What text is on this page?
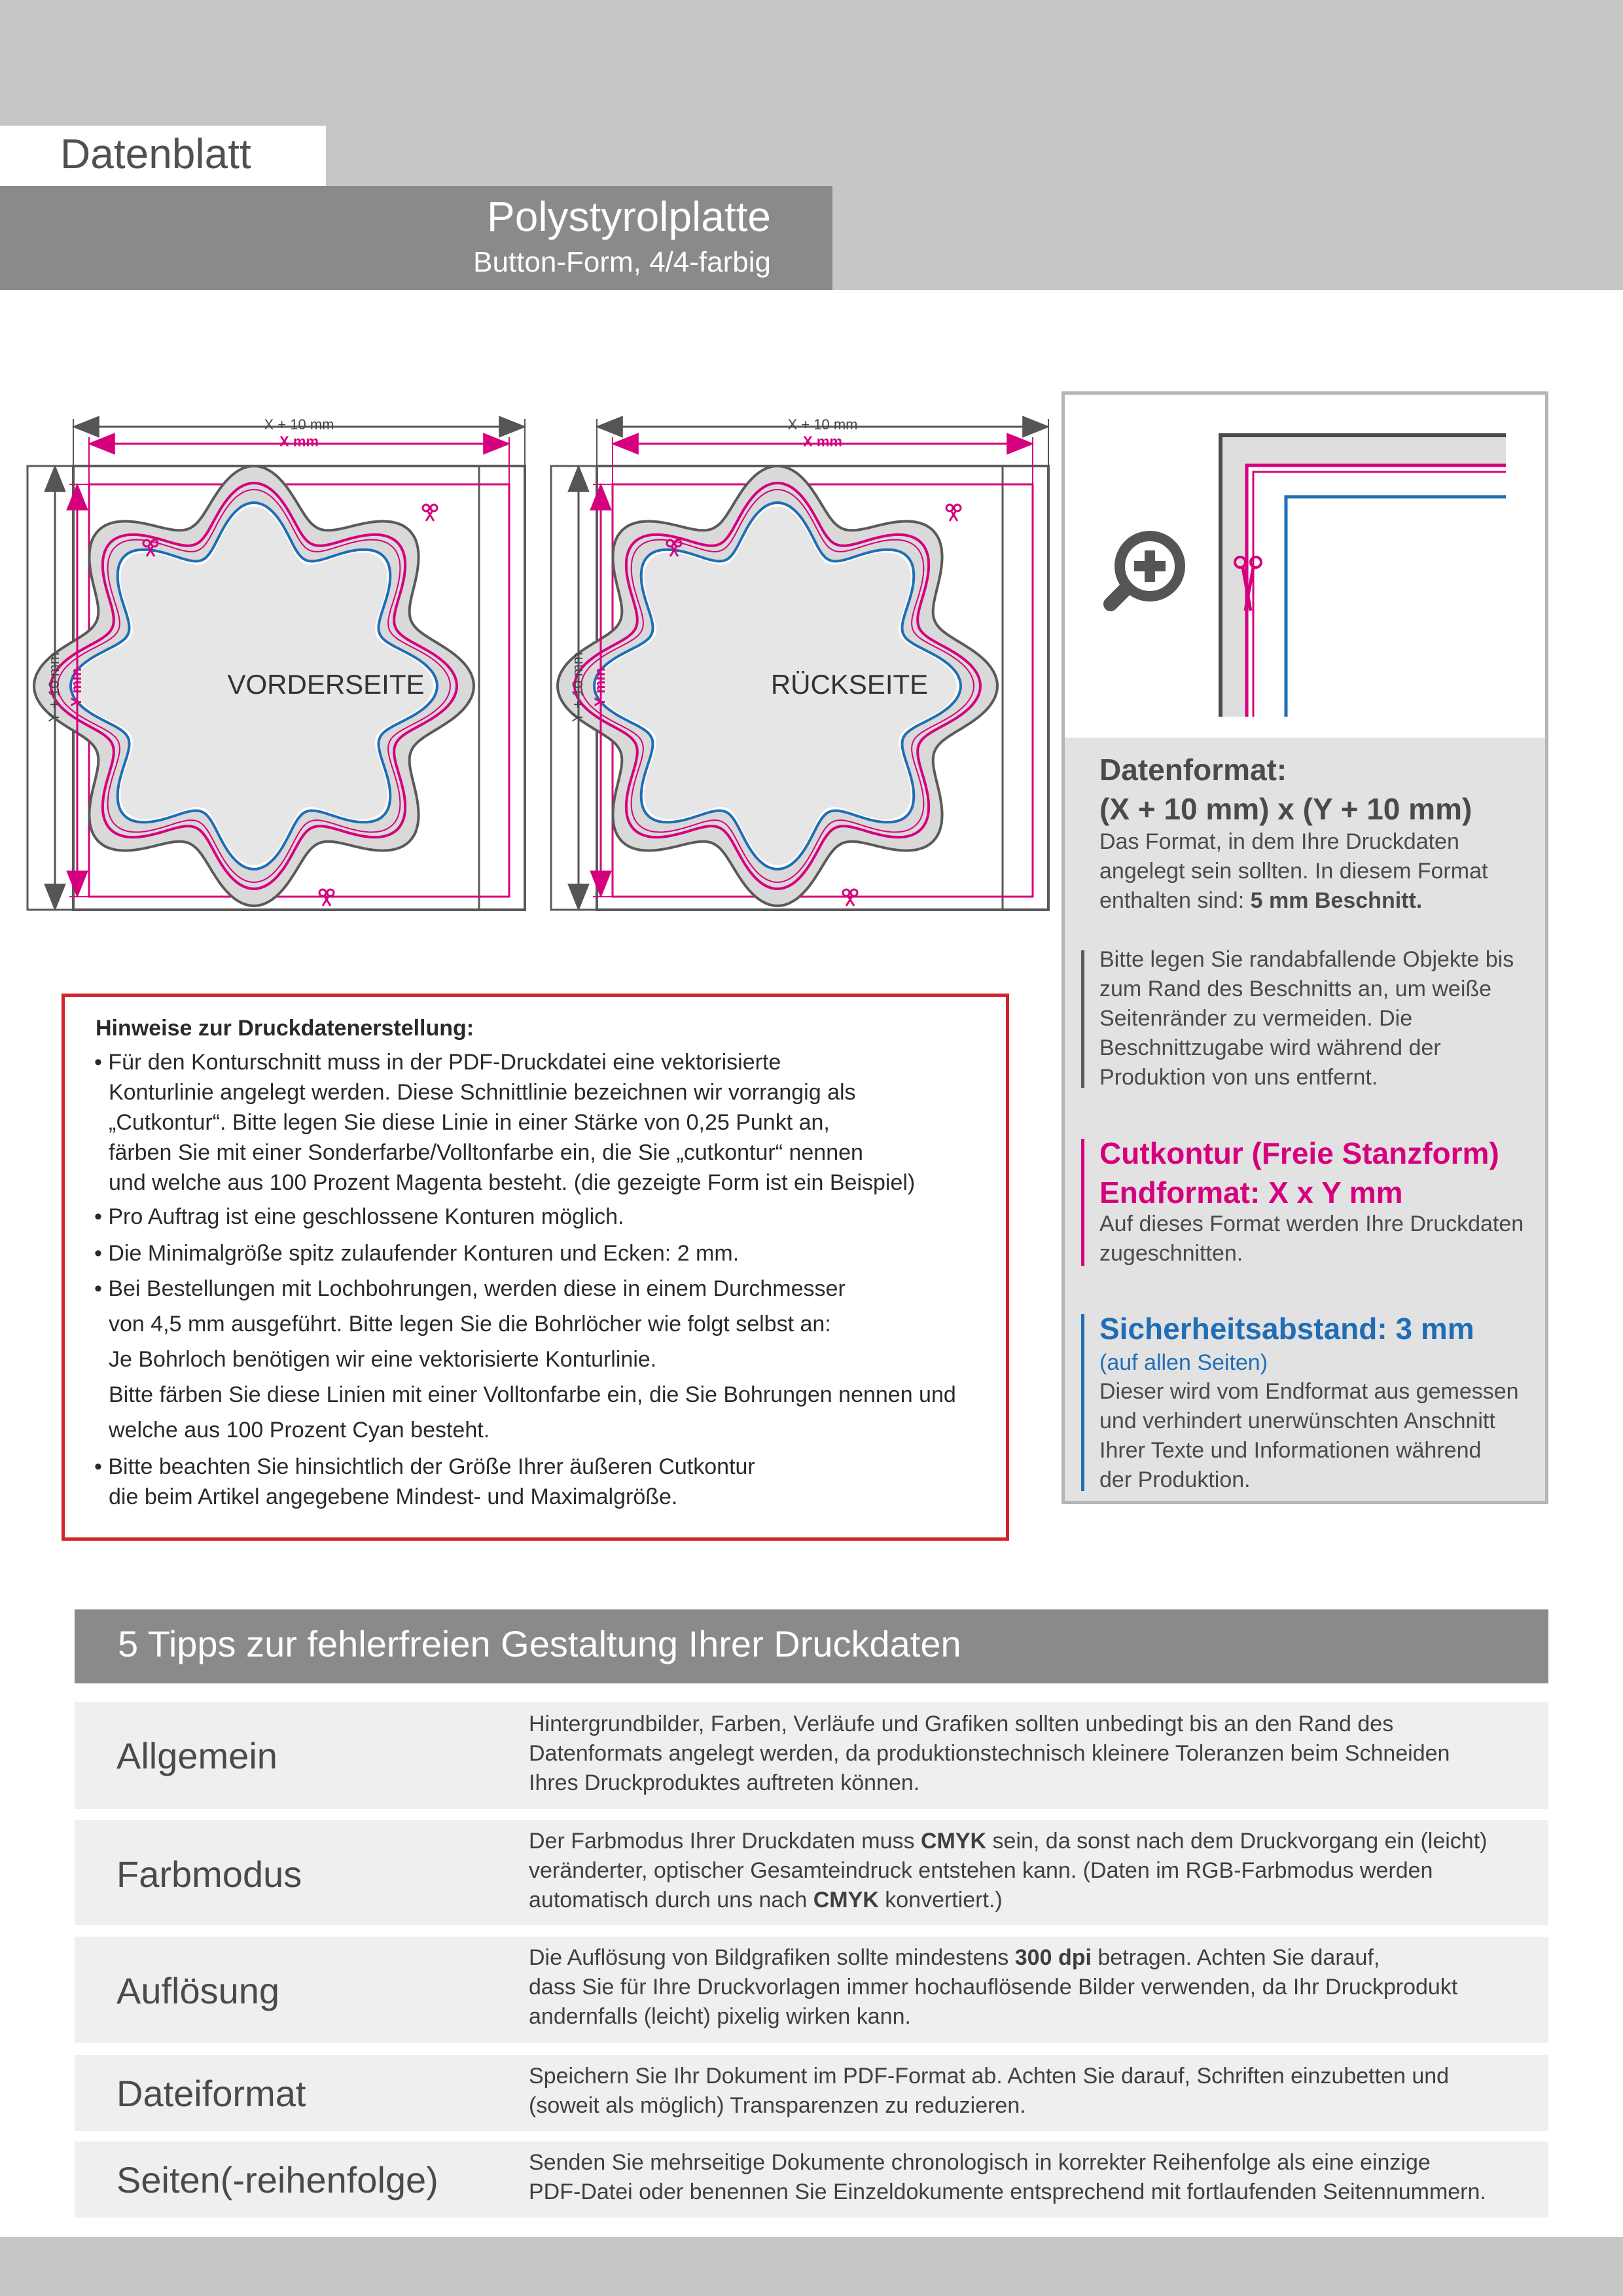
Datenblatt
Polystyrolplatte
Button-Form, 4/4-farbig
X + 10 mm
X mm
Y + 10 mm Y mm	VORDERSEITE
X + 10 mm
X mm
Y + 10 mm Y mm	RÜCKSEITE
Datenformat:
(X + 10 mm) x (Y + 10 mm)
Das Format, in dem Ihre Druckdaten
angelegt sein sollten. In diesem Format
enthalten sind: 5 mm Beschnitt.
Bitte legen Sie randabfallende Objekte bis
zum Rand des Beschnitts an, um weiße
Seitenränder zu vermeiden. Die
Beschnittzugabe wird während der
Produktion von uns entfernt.
Cutkontur (Freie Stanzform)
Endformat: X x Y mm
Auf dieses Format werden Ihre Druckdaten
zugeschnitten.
Sicherheitsabstand: 3 mm
(auf allen Seiten)
Dieser wird vom Endformat aus gemessen
und verhindert unerwünschten Anschnitt
Ihrer Texte und Informationen während
der Produktion.
Hinweise zur Druckdatenerstellung:
• Für den Konturschnitt muss in der PDF-Druckdatei eine vektorisierte
Konturlinie angelegt werden. Diese Schnittlinie bezeichnen wir vorrangig als
„Cutkontur“. Bitte legen Sie diese Linie in einer Stärke von 0,25 Punkt an,
färben Sie mit einer Sonderfarbe/Volltonfarbe ein, die Sie „cutkontur“ nennen
und welche aus 100 Prozent Magenta besteht. (die gezeigte Form ist ein Beispiel)
• Pro Auftrag ist eine geschlossene Konturen möglich.
• Die Minimalgröße spitz zulaufender Konturen und Ecken: 2 mm.
• Bei Bestellungen mit Lochbohrungen, werden diese in einem Durchmesser
von 4,5 mm ausgeführt. Bitte legen Sie die Bohrlöcher wie folgt selbst an:
Je Bohrloch benötigen wir eine vektorisierte Konturlinie.
Bitte färben Sie diese Linien mit einer Volltonfarbe ein, die Sie Bohrungen nennen und
welche aus 100 Prozent Cyan besteht.
• Bitte beachten Sie hinsichtlich der Größe Ihrer äußeren Cutkontur
die beim Artikel angegebene Mindest- und Maximalgröße.
5 Tipps zur fehlerfreien Gestaltung Ihrer Druckdaten
Allgemein
Hintergrundbilder, Farben, Verläufe und Grafiken sollten unbedingt bis an den Rand des
Datenformats angelegt werden, da produktionstechnisch kleinere Toleranzen beim Schneiden
Ihres Druckproduktes auftreten können.
Farbmodus
Der Farbmodus Ihrer Druckdaten muss CMYK sein, da sonst nach dem Druckvorgang ein (leicht)
veränderter, optischer Gesamteindruck entstehen kann. (Daten im RGB-Farbmodus werden
automatisch durch uns nach CMYK konvertiert.)
Auflösung
Die Auflösung von Bildgrafiken sollte mindestens 300 dpi betragen. Achten Sie darauf,
dass Sie für Ihre Druckvorlagen immer hochauflösende Bilder verwenden, da Ihr Druckprodukt
andernfalls (leicht) pixelig wirken kann.
Dateiformat	Speichern Sie Ihr Dokument im PDF-Format ab. Achten Sie darauf, Schriften einzubetten und
(soweit als möglich) Transparenzen zu reduzieren.
Seiten(-reihenfolge)	Senden Sie mehrseitige Dokumente chronologisch in korrekter Reihenfolge als eine einzige
PDF-Datei oder benennen Sie Einzeldokumente entsprechend mit fortlaufenden Seitennummern.
